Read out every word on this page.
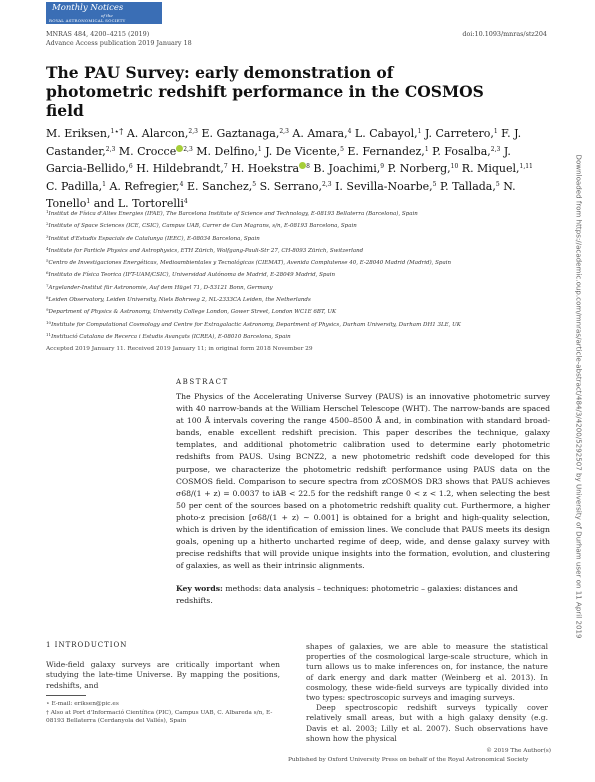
Monthly Notices
of the
ROYAL ASTRONOMICAL SOCIETY
MNRAS 484, 4200–4215 (2019)
Advance Access publication 2019 January 18
doi:10.1093/mnras/stz204
The PAU Survey: early demonstration of photometric redshift performance in the COSMOS field
M. Eriksen,$^{1⋆\dagger}$ A. Alarcon,$^{2,3}$ E. Gaztanaga,$^{2,3}$ A. Amara,$^4$ L. Cabayol,$^1$ J. Carretero,$^1$ F. J. Castander,$^{2,3}$ M. Crocce $^{2,3}$ M. Delfino,$^1$ J. De Vicente,$^5$ E. Fernandez,$^1$ P. Fosalba,$^{2,3}$ J. Garcia-Bellido,$^6$ H. Hildebrandt,$^7$ H. Hoekstra $^8$ B. Joachimi,$^9$ P. Norberg,$^{10}$ R. Miquel,$^{1,11}$ C. Padilla,$^1$ A. Refregier,$^4$ E. Sanchez,$^5$ S. Serrano,$^{2,3}$ I. Sevilla-Noarbe,$^5$ P. Tallada,$^5$ N. Tonello$^1$ and L. Tortorelli$^4$
$^1$Institut de Física d'Altes Energies (IFAE), The Barcelona Institute of Science and Technology, E-08193 Bellaterra (Barcelona), Spain
$^2$Institute of Space Sciences (ICE, CSIC), Campus UAB, Carrer de Can Magrans, s/n, E-08193 Barcelona, Spain
$^3$Institut d'Estudis Espacials de Catalunya (IEEC), E-08034 Barcelona, Spain
$^4$Institute for Particle Physics and Astrophysics, ETH Zürich, Wolfgang-Pauli-Str 27, CH-8093 Zürich, Switzerland
$^5$Centro de Investigaciones Energéticas, Medioambientales y Tecnológicas (CIEMAT), Avenida Complutense 40, E-28040 Madrid (Madrid), Spain
$^6$Instituto de Física Teorica (IFT-UAM/CSIC), Universidad Autónoma de Madrid, E-28049 Madrid, Spain
$^7$Argelander-Institut für Astronomie, Auf dem Hügel 71, D-53121 Bonn, Germany
$^8$Leiden Observatory, Leiden University, Niels Bohrweg 2, NL-2333CA Leiden, the Netherlands
$^9$Department of Physics & Astronomy, University College London, Gower Street, London WC1E 6BT, UK
$^{10}$Institute for Computational Cosmology and Centre for Extragalactic Astronomy, Department of Physics, Durham University, Durham DH1 3LE, UK
$^{11}$Institució Catalana de Recerca i Estudis Avançats (ICREA), E-08010 Barcelona, Spain
Accepted 2019 January 11. Received 2019 January 11; in original form 2018 November 29
ABSTRACT

The Physics of the Accelerating Universe Survey (PAUS) is an innovative photometric survey with 40 narrow-bands at the William Herschel Telescope (WHT). The narrow-bands are spaced at 100 Å intervals covering the range 4500–8500 Å and, in combination with standard broad-bands, enable excellent redshift precision. This paper describes the technique, galaxy templates, and additional photometric calibration used to determine early photometric redshifts from PAUS. Using BCNZ2, a new photometric redshift code developed for this purpose, we characterize the photometric redshift performance using PAUS data on the COSMOS field. Comparison to secure spectra from zCOSMOS DR3 shows that PAUS achieves σ68/(1 + z) = 0.0037 to iAB < 22.5 for the redshift range 0 < z < 1.2, when selecting the best 50 per cent of the sources based on a photometric redshift quality cut. Furthermore, a higher photo-z precision [σ68/(1 + z) ∼ 0.001] is obtained for a bright and high-quality selection, which is driven by the identification of emission lines. We conclude that PAUS meets its design goals, opening up a hitherto uncharted regime of deep, wide, and dense galaxy survey with precise redshifts that will provide unique insights into the formation, evolution, and clustering of galaxies, as well as their intrinsic alignments.

Key words: methods: data analysis – techniques: photometric – galaxies: distances and redshifts.

1 INTRODUCTION

Wide-field galaxy surveys are critically important when studying the late-time Universe. By mapping the positions, redshifts, and

shapes of galaxies, we are able to measure the statistical properties of the cosmological large-scale structure, which in turn allows us to make inferences on, for instance, the nature of dark energy and dark matter (Weinberg et al. 2013). In cosmology, these wide-field surveys are typically divided into two types: spectroscopic surveys and imaging surveys.

Deep spectroscopic redshift surveys typically cover relatively small areas, but with a high galaxy density (e.g. Davis et al. 2003; Lilly et al. 2007). Such observations have shown how the physical

⋆ E-mail: eriksen@pic.es
† Also at Port d'Informació Científica (PIC), Campus UAB, C. Albareda s/n, E-08193 Bellaterra (Cerdanyola del Vallés), Spain
© 2019 The Author(s)
Published by Oxford University Press on behalf of the Royal Astronomical Society
Downloaded from https://academic.oup.com/mnras/article-abstract/484/3/4200/5292507 by University of Durham user on 11 April 2019
